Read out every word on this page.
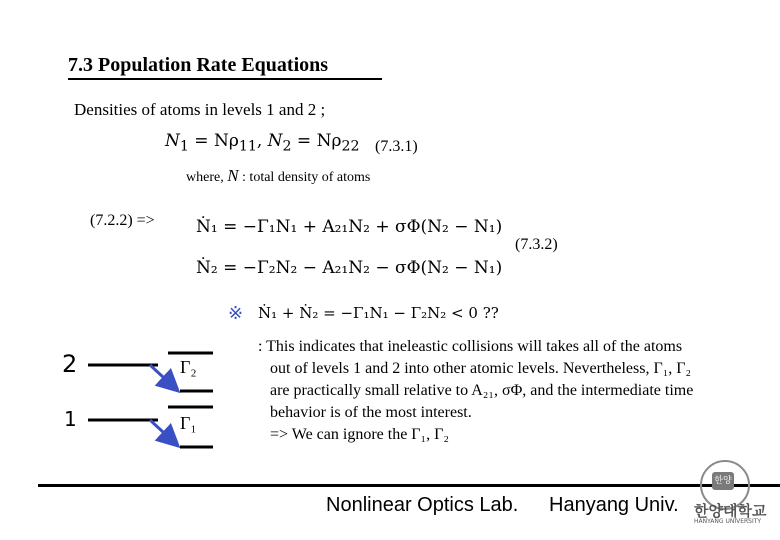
7.3 Population Rate Equations
Densities of atoms in levels 1 and 2 ;
$N_1 = N\rho_{11}$, $N_2 = N\rho_{22}$ (7.3.1)
where, N : total density of atoms
(7.2.2) => Ṅ₁ = −Γ₁N₁ + A₂₁N₂ + σΦ(N₂ − N₁)
Ṅ₂ = −Γ₂N₂ − A₂₁N₂ − σΦ(N₂ − N₁)
(7.3.2)
※ Ṅ₁ + Ṅ₂ = −Γ₁N₁ − Γ₂N₂ < 0 ??
2
1
Γ₂
Γ₁
: This indicates that ineleastic collisions will takes all of the atoms
out of levels 1 and 2 into other atomic levels. Nevertheless, Γ₁, Γ₂
are practically small relative to A₂₁, σΦ, and the intermediate time
behavior is of the most interest.
=> We can ignore the Γ₁, Γ₂
Nonlinear Optics Lab. Hanyang Univ.
한양
한양대학교
HANYANG UNIVERSITY
